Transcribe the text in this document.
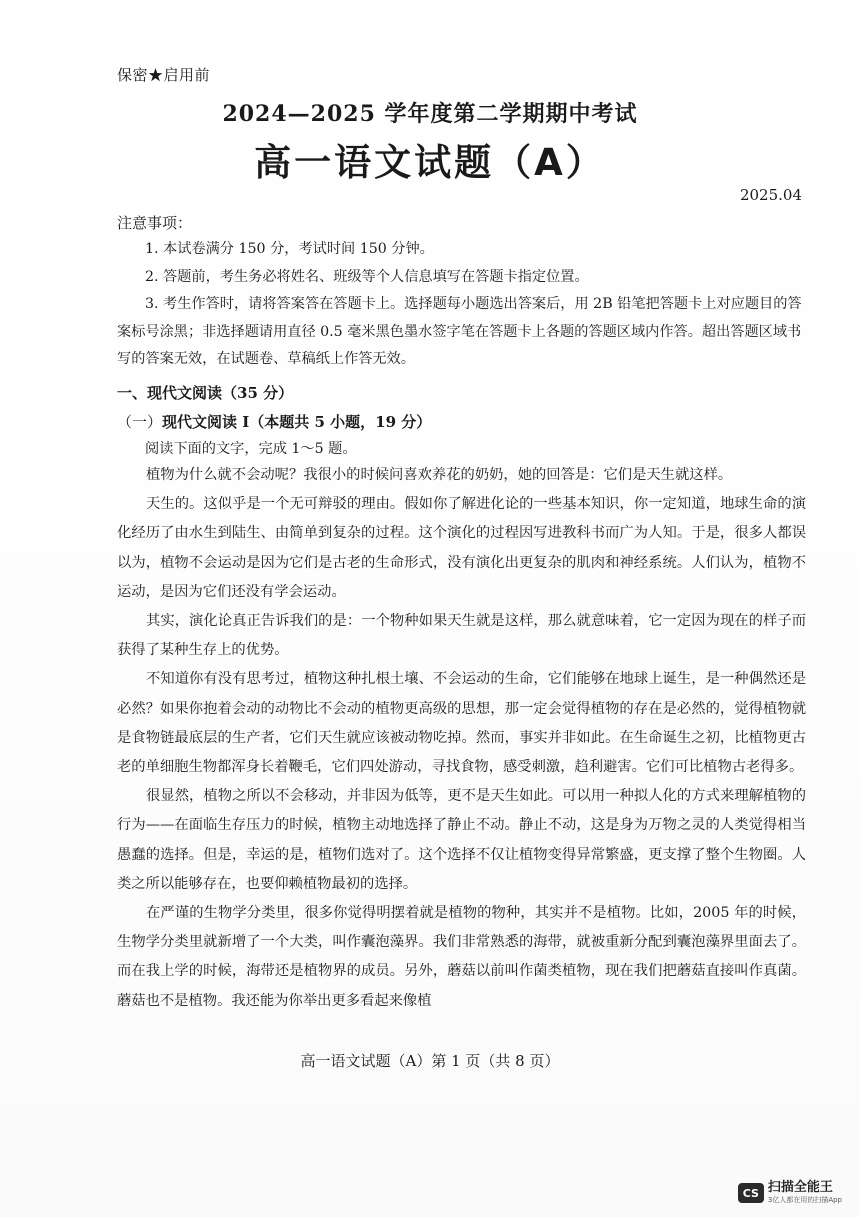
保密★启用前
2024—2025 学年度第二学期期中考试
高一语文试题（A）
2025.04
注意事项：

1. 本试卷满分 150 分，考试时间 150 分钟。

2. 答题前，考生务必将姓名、班级等个人信息填写在答题卡指定位置。

3. 考生作答时，请将答案答在答题卡上。选择题每小题选出答案后，用 2B 铅笔把答题卡上对应题目的答案标号涂黑；非选择题请用直径 0.5 毫米黑色墨水签字笔在答题卡上各题的答题区域内作答。超出答题区域书写的答案无效，在试题卷、草稿纸上作答无效。

一、现代文阅读（35 分）
（一）现代文阅读 I（本题共 5 小题，19 分）
阅读下面的文字，完成 1～5 题。

植物为什么就不会动呢？我很小的时候问喜欢养花的奶奶，她的回答是：它们是天生就这样。

天生的。这似乎是一个无可辩驳的理由。假如你了解进化论的一些基本知识，你一定知道，地球生命的演化经历了由水生到陆生、由简单到复杂的过程。这个演化的过程因写进教科书而广为人知。于是，很多人都误以为，植物不会运动是因为它们是古老的生命形式，没有演化出更复杂的肌肉和神经系统。人们认为，植物不运动，是因为它们还没有学会运动。

其实，演化论真正告诉我们的是：一个物种如果天生就是这样，那么就意味着，它一定因为现在的样子而获得了某种生存上的优势。

不知道你有没有思考过，植物这种扎根土壤、不会运动的生命，它们能够在地球上诞生，是一种偶然还是必然？如果你抱着会动的动物比不会动的植物更高级的思想，那一定会觉得植物的存在是必然的，觉得植物就是食物链最底层的生产者，它们天生就应该被动物吃掉。然而，事实并非如此。在生命诞生之初，比植物更古老的单细胞生物都浑身长着鞭毛，它们四处游动，寻找食物，感受刺激，趋利避害。它们可比植物古老得多。

很显然，植物之所以不会移动，并非因为低等，更不是天生如此。可以用一种拟人化的方式来理解植物的行为——在面临生存压力的时候，植物主动地选择了静止不动。静止不动，这是身为万物之灵的人类觉得相当愚蠢的选择。但是，幸运的是，植物们选对了。这个选择不仅让植物变得异常繁盛，更支撑了整个生物圈。人类之所以能够存在，也要仰赖植物最初的选择。

在严谨的生物学分类里，很多你觉得明摆着就是植物的物种，其实并不是植物。比如，2005 年的时候，生物学分类里就新增了一个大类，叫作囊泡藻界。我们非常熟悉的海带，就被重新分配到囊泡藻界里面去了。而在我上学的时候，海带还是植物界的成员。另外，蘑菇以前叫作菌类植物，现在我们把蘑菇直接叫作真菌。蘑菇也不是植物。我还能为你举出更多看起来像植

高一语文试题（A）第 1 页（共 8 页）
CS 扫描全能王
3亿人都在用的扫描App
